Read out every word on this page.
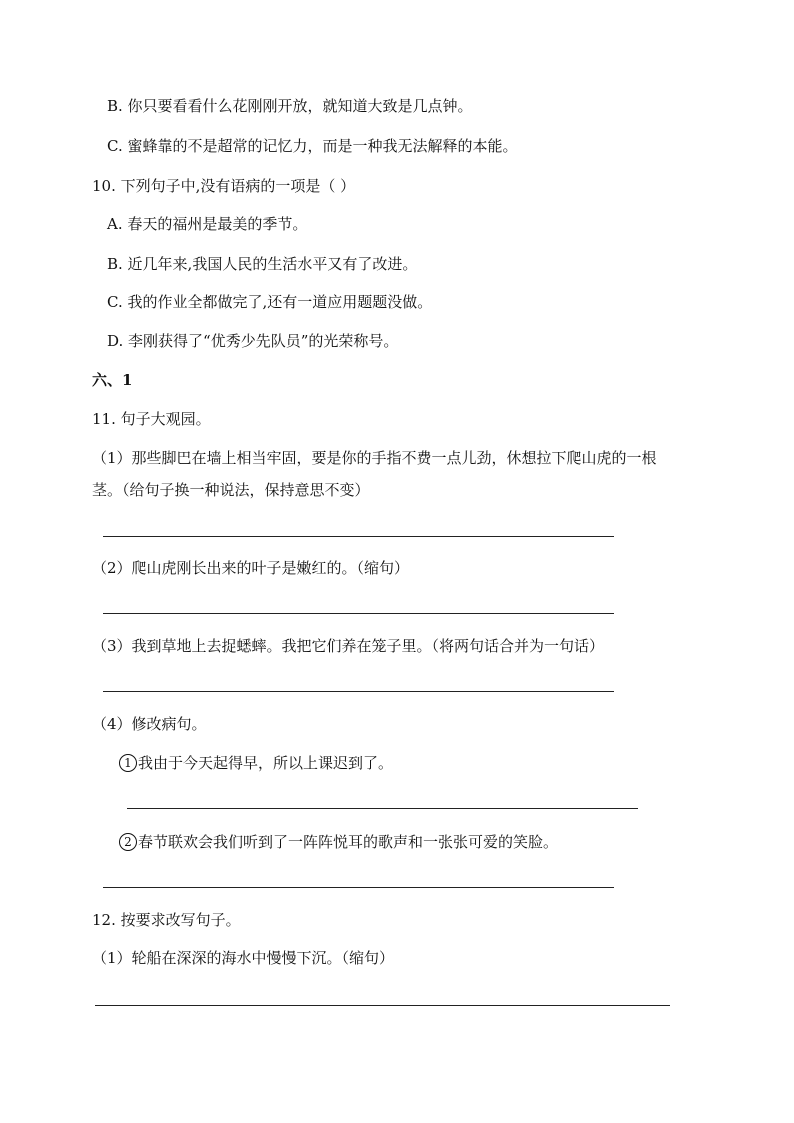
B. 你只要看看什么花刚刚开放，就知道大致是几点钟。
C. 蜜蜂靠的不是超常的记忆力，而是一种我无法解释的本能。
10. 下列句子中,没有语病的一项是（ ）
A. 春天的福州是最美的季节。
B. 近几年来,我国人民的生活水平又有了改进。
C. 我的作业全都做完了,还有一道应用题题没做。
D. 李刚获得了“优秀少先队员”的光荣称号。
六、1
11. 句子大观园。
（1）那些脚巴在墙上相当牢固，要是你的手指不费一点儿劲，休想拉下爬山虎的一根
茎。（给句子换一种说法，保持意思不变）
（2）爬山虎刚长出来的叶子是嫩红的。（缩句）
（3）我到草地上去捉蟋蟀。我把它们养在笼子里。（将两句话合并为一句话）
（4）修改病句。
1 我由于今天起得早，所以上课迟到了。
2 春节联欢会我们听到了一阵阵悦耳的歌声和一张张可爱的笑脸。
12. 按要求改写句子。
（1）轮船在深深的海水中慢慢下沉。（缩句）
